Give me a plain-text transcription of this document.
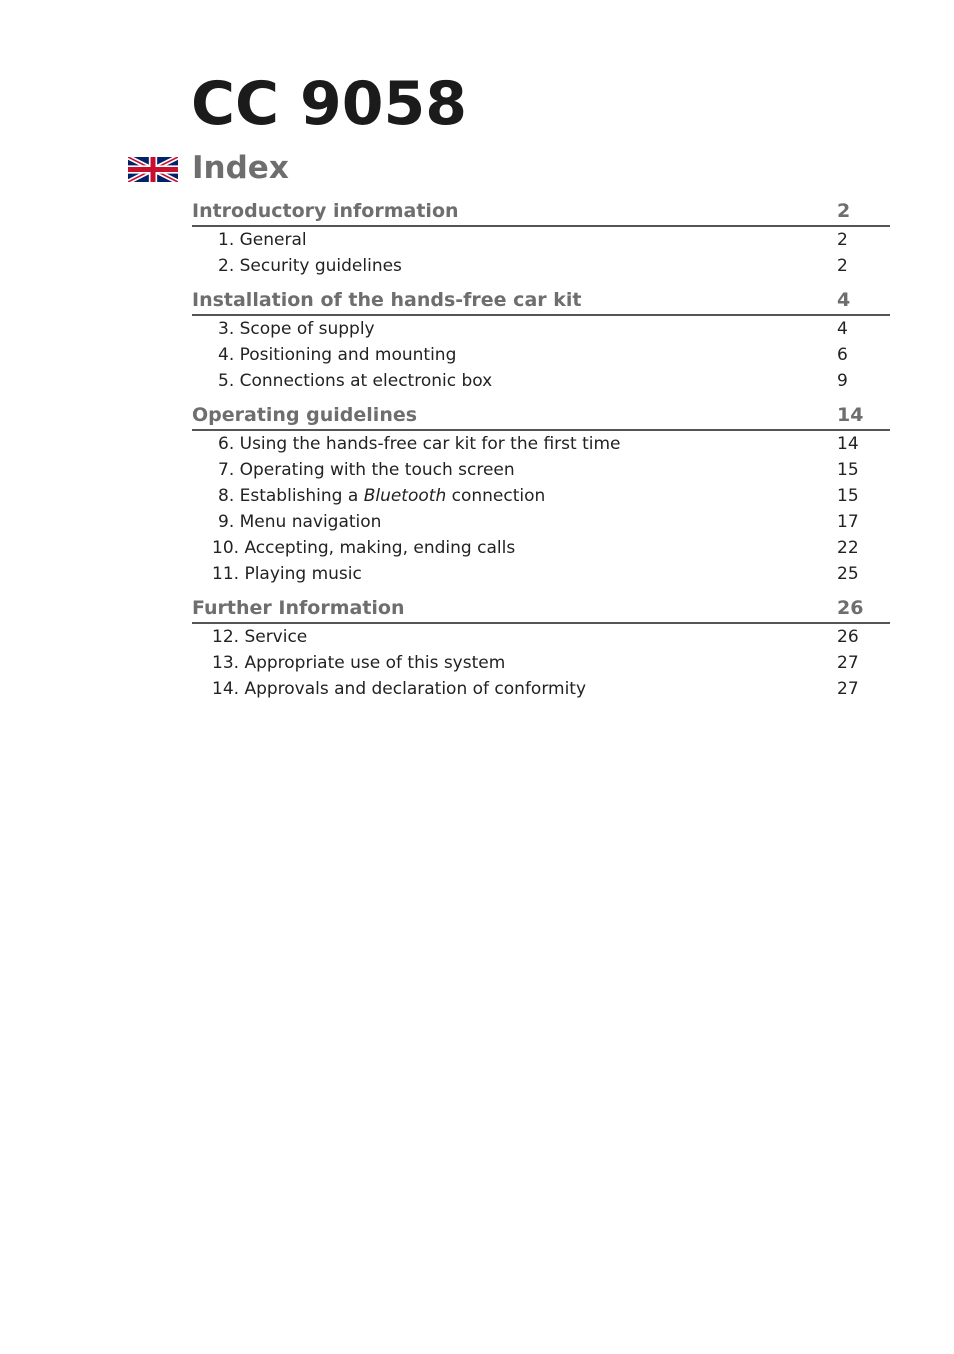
CC 9058
Index
Introductory information	2
1. General	2
2. Security guidelines	2
Installation of the hands-free car kit	4
3. Scope of supply	4
4. Positioning and mounting	6
5. Connections at electronic box	9
Operating guidelines	14
6. Using the hands-free car kit for the first time	14
7. Operating with the touch screen	15
8. Establishing a Bluetooth connection	15
9. Menu navigation	17
10. Accepting, making, ending calls	22
11. Playing music	25
Further Information	26
12. Service	26
13. Appropriate use of this system	27
14. Approvals and declaration of conformity	27
